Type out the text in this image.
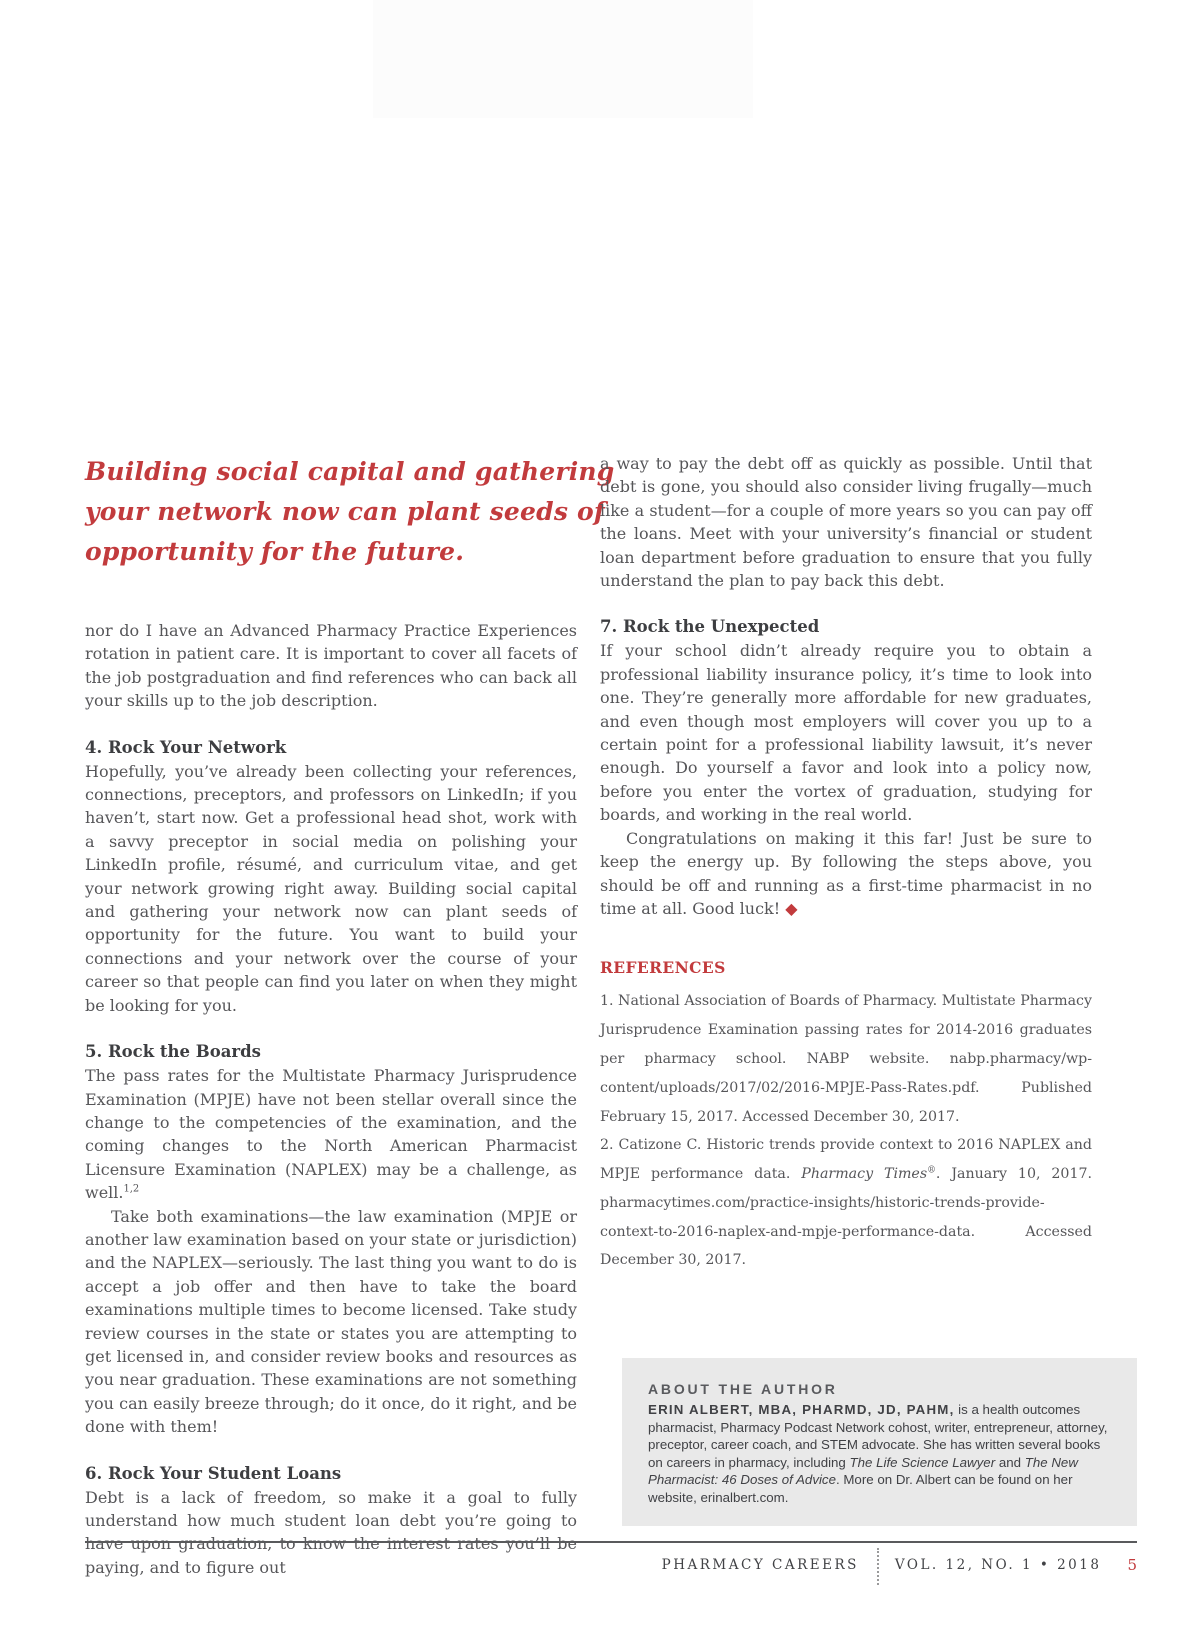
Building social capital and gathering
your network now can plant seeds of
opportunity for the future.

nor do I have an Advanced Pharmacy Practice Experiences rotation in patient care. It is important to cover all facets of the job postgraduation and find references who can back all your skills up to the job description.

4. Rock Your Network

Hopefully, you’ve already been collecting your references, connections, preceptors, and professors on LinkedIn; if you haven’t, start now. Get a professional head shot, work with a savvy preceptor in social media on polishing your LinkedIn profile, résumé, and curriculum vitae, and get your network growing right away. Building social capital and gathering your network now can plant seeds of opportunity for the future. You want to build your connections and your network over the course of your career so that people can find you later on when they might be looking for you.

5. Rock the Boards

The pass rates for the Multistate Pharmacy Jurisprudence Examination (MPJE) have not been stellar overall since the change to the competencies of the examination, and the coming changes to the North American Pharmacist Licensure Examination (NAPLEX) may be a challenge, as well.$^{1,2}$

Take both examinations—the law examination (MPJE or another law examination based on your state or jurisdiction) and the NAPLEX—seriously. The last thing you want to do is accept a job offer and then have to take the board examinations multiple times to become licensed. Take study review courses in the state or states you are attempting to get licensed in, and consider review books and resources as you near graduation. These examinations are not something you can easily breeze through; do it once, do it right, and be done with them!

6. Rock Your Student Loans

Debt is a lack of freedom, so make it a goal to fully understand how much student loan debt you’re going to have upon graduation, to know the interest rates you’ll be paying, and to figure out

a way to pay the debt off as quickly as possible. Until that debt is gone, you should also consider living frugally—much like a student—for a couple of more years so you can pay off the loans. Meet with your university’s financial or student loan department before graduation to ensure that you fully understand the plan to pay back this debt.

7. Rock the Unexpected

If your school didn’t already require you to obtain a professional liability insurance policy, it’s time to look into one. They’re generally more affordable for new graduates, and even though most employers will cover you up to a certain point for a professional liability lawsuit, it’s never enough. Do yourself a favor and look into a policy now, before you enter the vortex of graduation, studying for boards, and working in the real world.

Congratulations on making it this far! Just be sure to keep the energy up. By following the steps above, you should be off and running as a first-time pharmacist in no time at all. Good luck! ◆

REFERENCES

1. National Association of Boards of Pharmacy. Multistate Pharmacy Jurisprudence Examination passing rates for 2014-2016 graduates per pharmacy school. NABP website. nabp.pharmacy/wp-content/uploads/2017/02/2016-MPJE-Pass-Rates.pdf. Published February 15, 2017. Accessed December 30, 2017.

2. Catizone C. Historic trends provide context to 2016 NAPLEX and MPJE performance data. Pharmacy Times®. January 10, 2017. pharmacytimes.com/practice-insights/historic-trends-provide-context-to-2016-naplex-and-mpje-performance-data. Accessed December 30, 2017.

ABOUT THE AUTHOR
ERIN ALBERT, MBA, PHARMD, JD, PAHM, is a health outcomes pharmacist, Pharmacy Podcast Network cohost, writer, entrepreneur, attorney, preceptor, career coach, and STEM advocate. She has written several books on careers in pharmacy, including The Life Science Lawyer and The New Pharmacist: 46 Doses of Advice. More on Dr. Albert can be found on her website, erinalbert.com.
PHARMACY CAREERS	VOL. 12, NO. 1 • 2018 5
